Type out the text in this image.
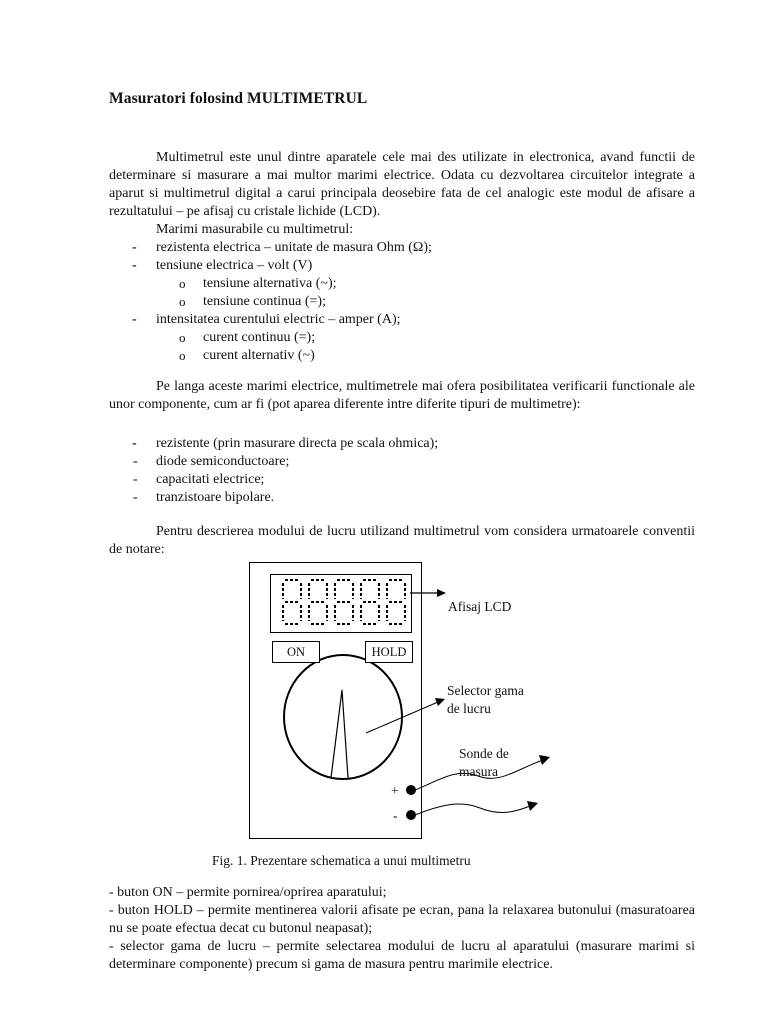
Masuratori folosind MULTIMETRUL
Multimetrul este unul dintre aparatele cele mai des utilizate in electronica, avand functii de determinare si masurare a mai multor marimi electrice. Odata cu dezvoltarea circuitelor integrate a aparut si multimetrul digital a carui principala deosebire fata de cel analogic este modul de afisare a rezultatului – pe afisaj cu cristale lichide (LCD).
Marimi masurabile cu multimetrul:
-	rezistenta electrica – unitate de masura Ohm (Ω);
-	tensiune electrica – volt (V)
o	tensiune alternativa (~);
o	tensiune continua (=);
-	intensitatea curentului electric – amper (A);
o	curent continuu (=);
o	curent alternativ (~)
Pe langa aceste marimi electrice, multimetrele mai ofera posibilitatea verificarii functionale ale unor componente, cum ar fi (pot aparea diferente intre diferite tipuri de multimetre):
-	rezistente (prin masurare directa pe scala ohmica);
-	diode semiconductoare;
-	capacitati electrice;
-	tranzistoare bipolare.
Pentru descrierea modului de lucru utilizand multimetrul vom considera urmatoarele conventii de notare:
ON	HOLD
Afisaj LCD
Selector gama
de lucru
Sonde de
masura
+
-
Fig. 1. Prezentare schematica a unui multimetru
- buton ON – permite pornirea/oprirea aparatului;
- buton HOLD – permite mentinerea valorii afisate pe ecran, pana la relaxarea butonului (masuratoarea nu se poate efectua decat cu butonul neapasat);
- selector gama de lucru – permite selectarea modului de lucru al aparatului (masurare marimi si determinare componente) precum si gama de masura pentru marimile electrice.
